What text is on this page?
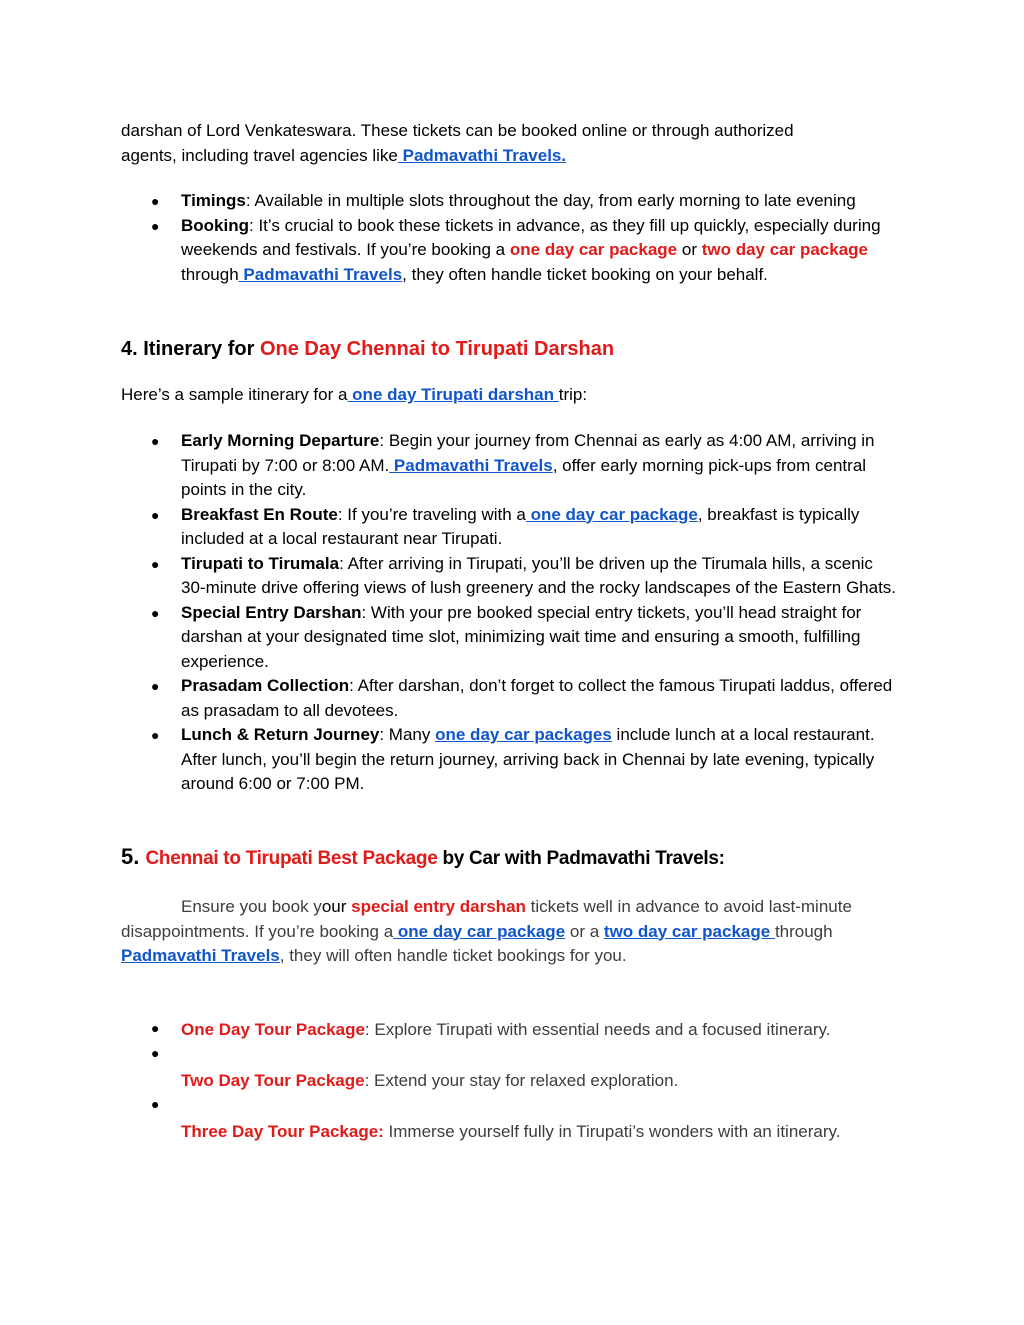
darshan of Lord Venkateswara. These tickets can be booked online or through authorized
agents, including travel agencies like Padmavathi Travels.

● Timings: Available in multiple slots throughout the day, from early morning to late evening
● Booking: It’s crucial to book these tickets in advance, as they fill up quickly, especially during weekends and festivals. If you’re booking a one day car package or two day car package through Padmavathi Travels, they often handle ticket booking on your behalf.
4. Itinerary for One Day Chennai to Tirupati Darshan

Here’s a sample itinerary for a one day Tirupati darshan trip:

● Early Morning Departure: Begin your journey from Chennai as early as 4:00 AM, arriving in Tirupati by 7:00 or 8:00 AM. Padmavathi Travels, offer early morning pick-ups from central points in the city.
● Breakfast En Route: If you’re traveling with a one day car package, breakfast is typically included at a local restaurant near Tirupati.
● Tirupati to Tirumala: After arriving in Tirupati, you’ll be driven up the Tirumala hills, a scenic 30-minute drive offering views of lush greenery and the rocky landscapes of the Eastern Ghats.
● Special Entry Darshan: With your pre booked special entry tickets, you’ll head straight for darshan at your designated time slot, minimizing wait time and ensuring a smooth, fulfilling experience.
● Prasadam Collection: After darshan, don’t forget to collect the famous Tirupati laddus, offered as prasadam to all devotees.
● Lunch & Return Journey: Many one day car packages include lunch at a local restaurant. After lunch, you’ll begin the return journey, arriving back in Chennai by late evening, typically around 6:00 or 7:00 PM.
5. Chennai to Tirupati Best Package by Car with Padmavathi Travels:

Ensure you book your special entry darshan tickets well in advance to avoid last-minute disappointments. If you’re booking a one day car package or a two day car package through Padmavathi Travels, they will often handle ticket bookings for you.

● One Day Tour Package: Explore Tirupati with essential needs and a focused itinerary.
●
Two Day Tour Package: Extend your stay for relaxed exploration.
●
Three Day Tour Package: Immerse yourself fully in Tirupati’s wonders with an itinerary.
